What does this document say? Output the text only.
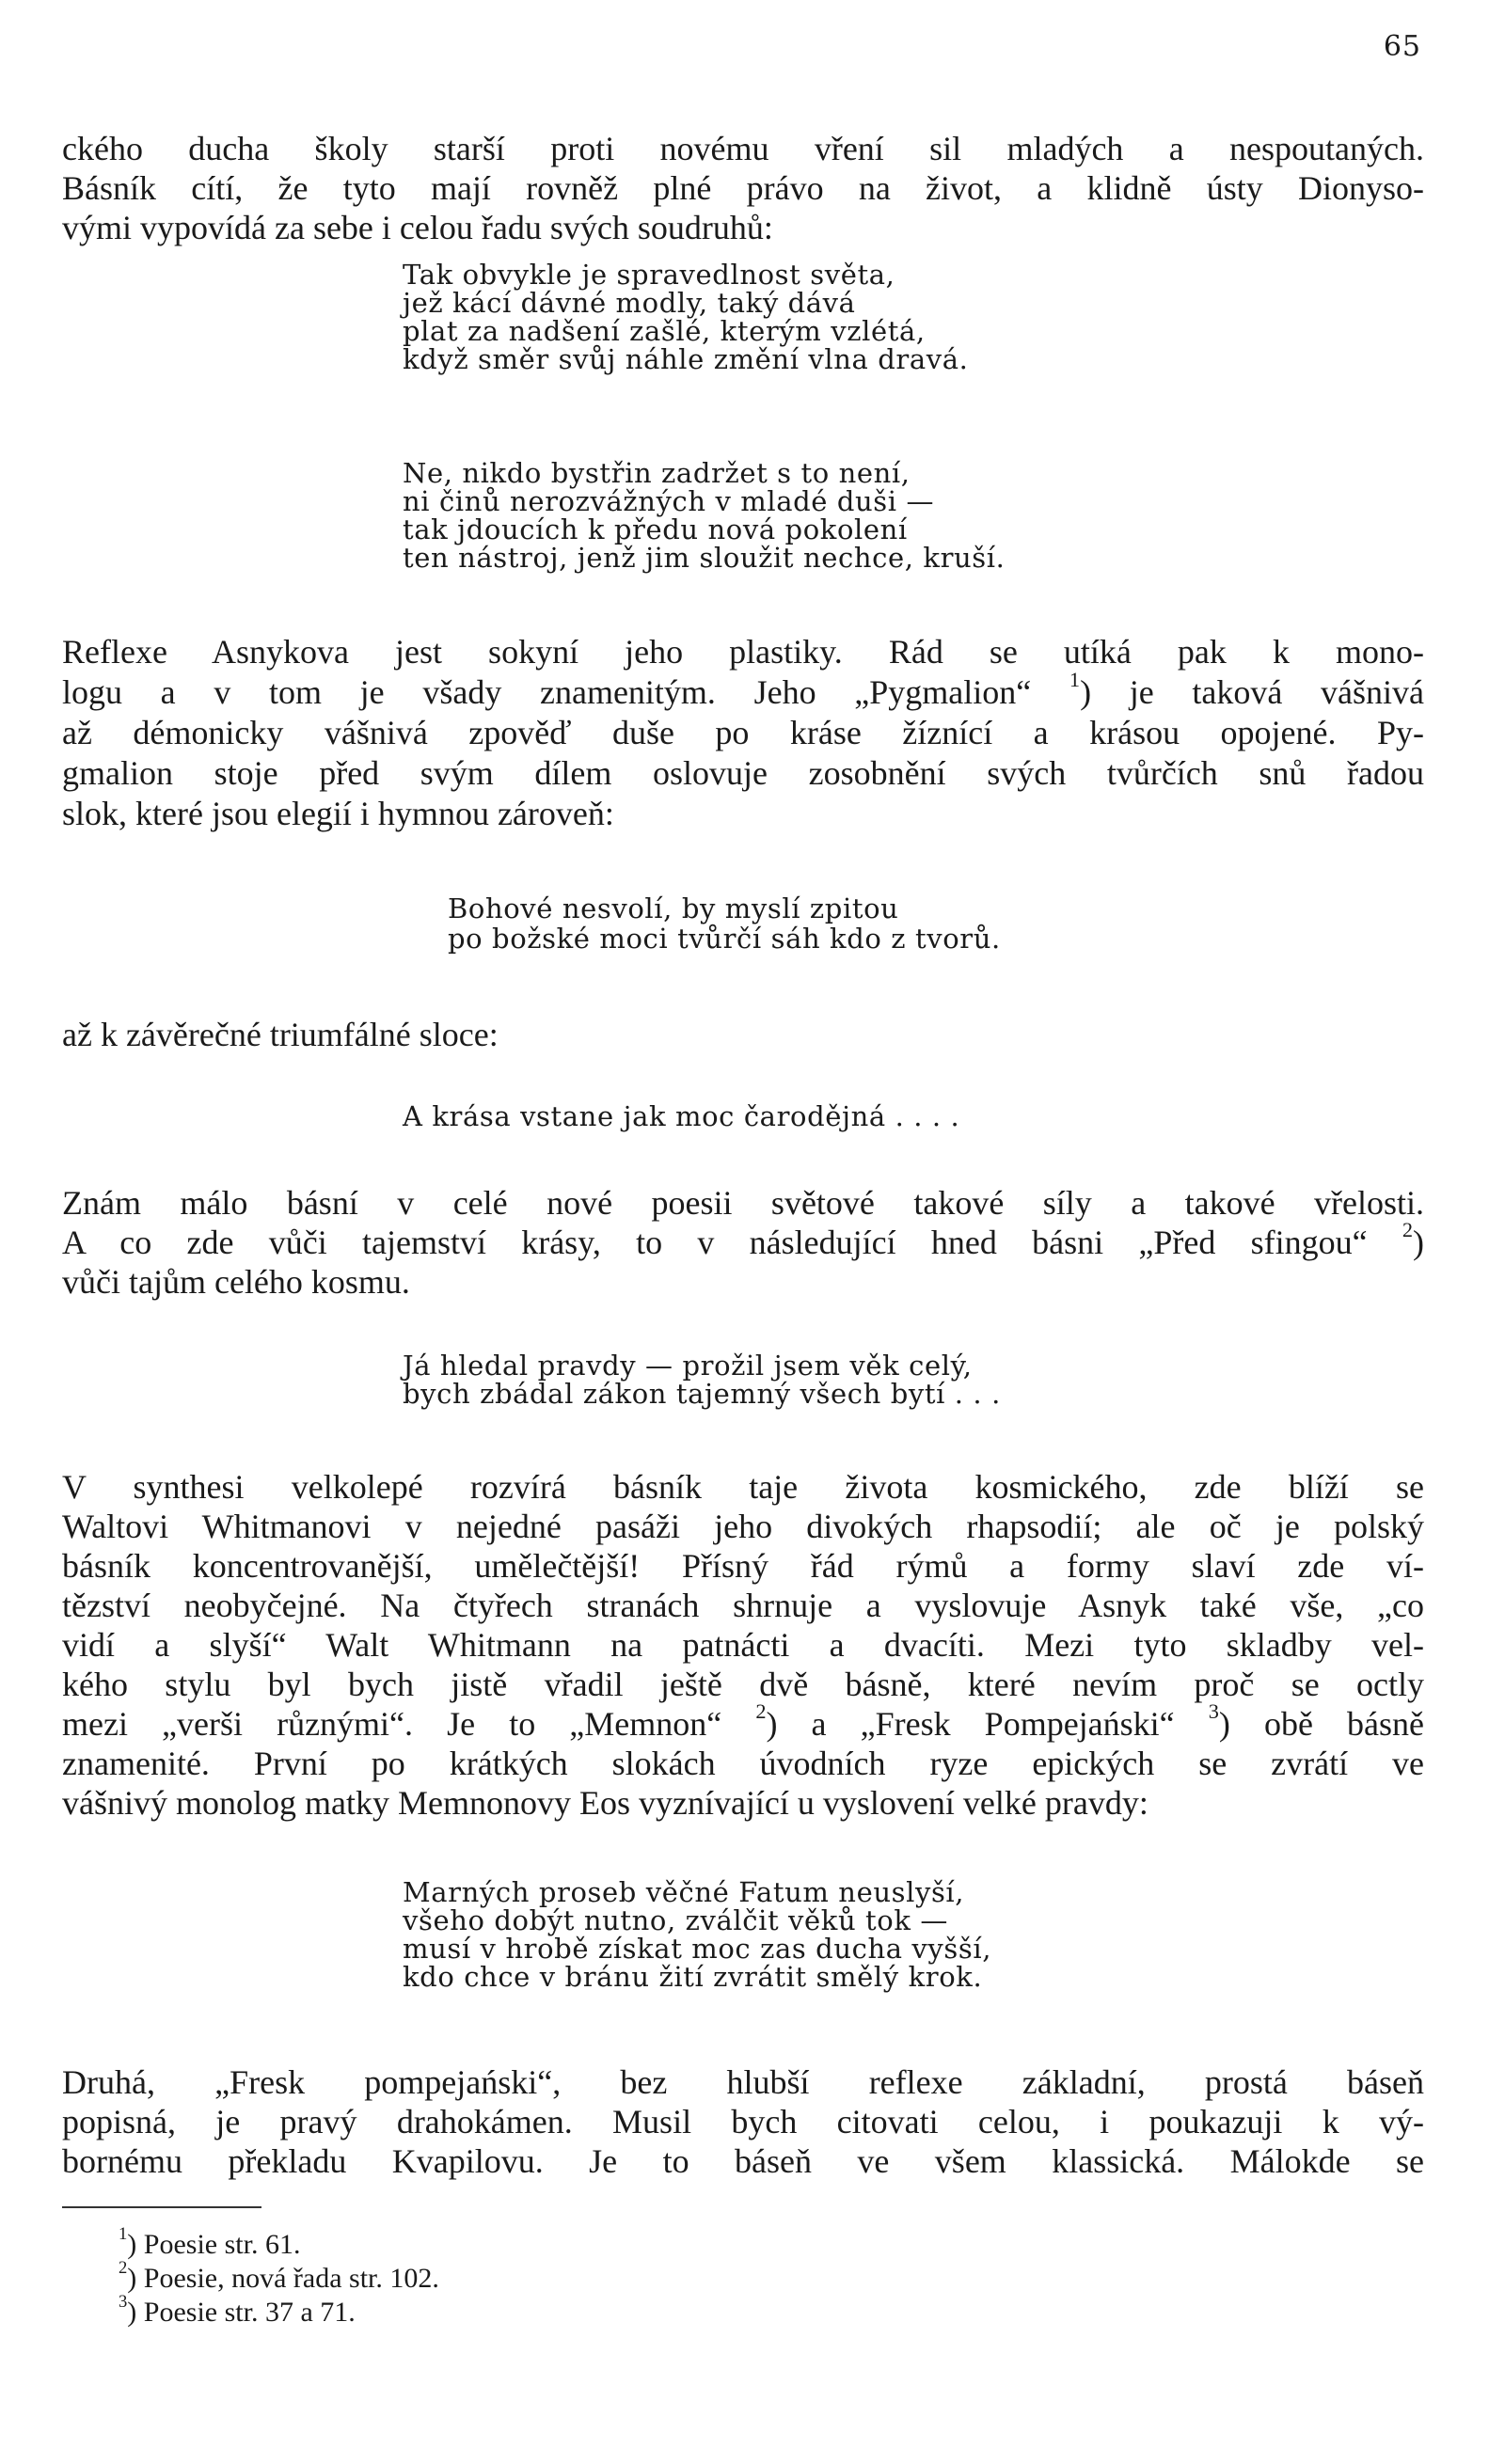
65
ckého ducha školy starší proti novému vření sil mladých a nespoutaných.
Básník cítí, že tyto mají rovněž plné právo na život, a klidně ústy Dionyso-
vými vypovídá za sebe i celou řadu svých soudruhů:
Tak obvykle je spravedlnost světa,
jež kácí dávné modly, taký dává
plat za nadšení zašlé, kterým vzlétá,
když směr svůj náhle změní vlna dravá.
Ne, nikdo bystřin zadržet s to není,
ni činů nerozvážných v mladé duši —
tak jdoucích k předu nová pokolení
ten nástroj, jenž jim sloužit nechce, kruší.
Reflexe Asnykova jest sokyní jeho plastiky. Rád se utíká pak k mono-
logu a v tom je všady znamenitým. Jeho „Pygmalion“ $^1$) je taková vášnivá
až démonicky vášnivá zpověď duše po kráse žíznící a krásou opojené. Py-
gmalion stoje před svým dílem oslovuje zosobnění svých tvůrčích snů řadou
slok, které jsou elegií i hymnou zároveň:
Bohové nesvolí, by myslí zpitou
po božské moci tvůrčí sáh kdo z tvorů.
až k závěrečné triumfálné sloce:
A krása vstane jak moc čarodějná . . . .
Znám málo básní v celé nové poesii světové takové síly a takové vřelosti.
A co zde vůči tajemství krásy, to v následující hned básni „Před sfingou“ $^2$)
vůči tajům celého kosmu.
Já hledal pravdy — prožil jsem věk celý,
bych zbádal zákon tajemný všech bytí . . .
V synthesi velkolepé rozvírá básník taje života kosmického, zde blíží se
Waltovi Whitmanovi v nejedné pasáži jeho divokých rhapsodií; ale oč je polský
básník koncentrovanější, umělečtější! Přísný řád rýmů a formy slaví zde ví-
tězství neobyčejné. Na čtyřech stranách shrnuje a vyslovuje Asnyk také vše, „co
vidí a slyší“ Walt Whitmann na patnácti a dvacíti. Mezi tyto skladby vel-
kého stylu byl bych jistě vřadil ještě dvě básně, které nevím proč se octly
mezi „verši různými“. Je to „Memnon“ $^2$) a „Fresk Pompejański“ $^3$) obě básně
znamenité. První po krátkých slokách úvodních ryze epických se zvrátí ve
vášnivý monolog matky Memnonovy Eos vyznívající u vyslovení velké pravdy:
Marných proseb věčné Fatum neuslyší,
všeho dobýt nutno, zválčit věků tok —
musí v hrobě získat moc zas ducha vyšší,
kdo chce v bránu žití zvrátit smělý krok.
Druhá, „Fresk pompejański“, bez hlubší reflexe základní, prostá báseň
popisná, je pravý drahokámen. Musil bych citovati celou, i poukazuji k vý-
bornému překladu Kvapilovu. Je to báseň ve všem klassická. Málokde se
$^1$) Poesie str. 61.
$^2$) Poesie, nová řada str. 102.
$^3$) Poesie str. 37 a 71.
